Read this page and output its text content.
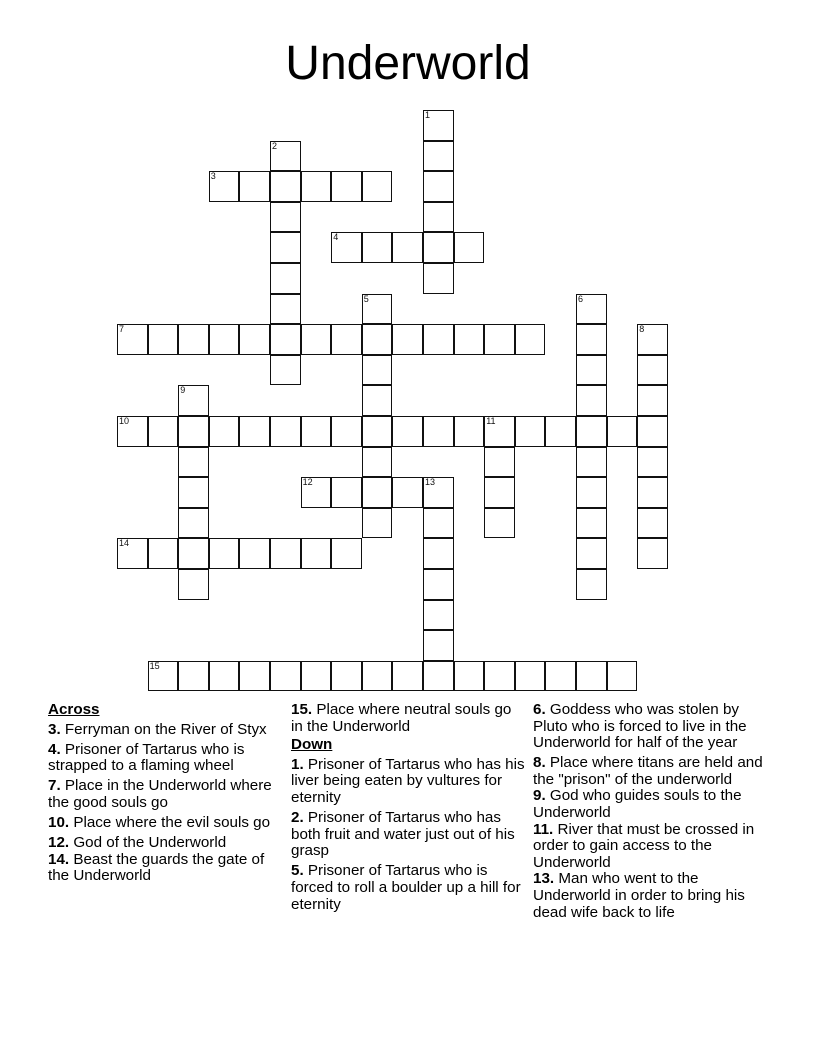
Underworld
1
2
3
4
5	6
7	8
9
10	11
12	13
14
15
Across
3. Ferryman on the River of Styx
4. Prisoner of Tartarus who is strapped to a flaming wheel
7. Place in the Underworld where the good souls go
10. Place where the evil souls go
12. God of the Underworld
14. Beast the guards the gate of the Underworld
15. Place where neutral souls go in the Underworld
Down
1. Prisoner of Tartarus who has his liver being eaten by vultures for eternity
2. Prisoner of Tartarus who has both fruit and water just out of his grasp
5. Prisoner of Tartarus who is forced to roll a boulder up a hill for eternity
6. Goddess who was stolen by Pluto who is forced to live in the Underworld for half of the year
8. Place where titans are held and the "prison" of the underworld
9. God who guides souls to the Underworld
11. River that must be crossed in order to gain access to the Underworld
13. Man who went to the Underworld in order to bring his dead wife back to life
